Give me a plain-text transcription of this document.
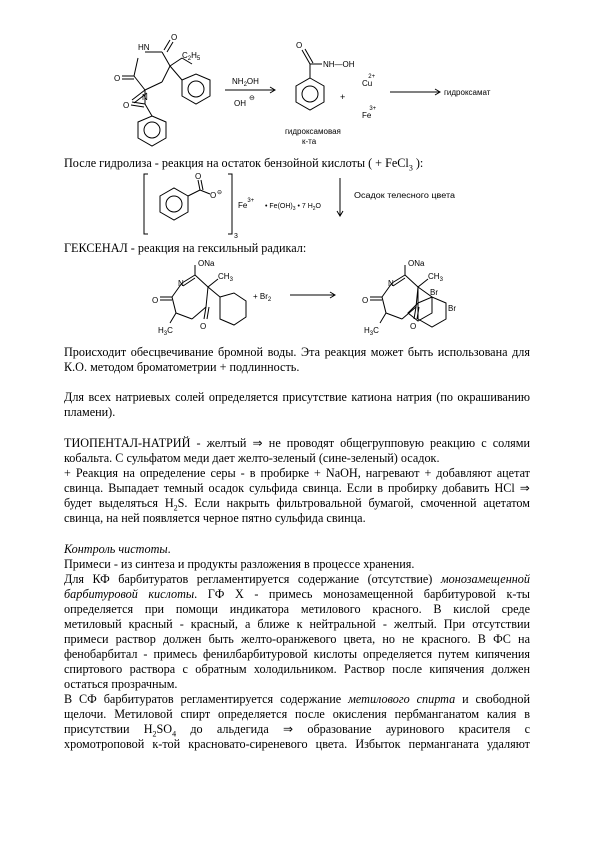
HN
O
O
O
N
$C_2H_5$
$NH_2OH$
OH
⊖
O
NH—OH
гидроксамовая
к-та
+
Cu2+
Fe3+
гидроксамат

После гидролиза - реакция на остаток бензойной кислоты ( + FeCl$_3$ ):

O
O ⊖
3
$Fe^{3+}$
• $Fe(OH)_3$ • 7 $H_2O$
Осадок телесного цвета

ГЕКСЕНАЛ - реакция на гексильный радикал:

ONa
N
$CH_3$
O
O
$H_3C$
+ $Br_2$
ONa
N
$CH_3$
Br
Br
O
O
$H_3C$

Происходит обесцвечивание бромной воды. Эта реакция может быть использована для

К.О. методом броматометрии + подлинность.

Для всех натриевых солей определяется присутствие катиона натрия (по окрашиванию

пламени).

ТИОПЕНТАЛ-НАТРИЙ - желтый ⇒ не проводят общегрупповую реакцию с солями

кобальта. С сульфатом меди дает желто-зеленый (сине-зеленый) осадок.

+ Реакция на определение серы - в пробирке + NaOH, нагревают + добавляют ацетат

свинца. Выпадает темный осадок сульфида свинца. Если в пробирку добавить HCl ⇒

будет выделяться $H_2S$. Если накрыть фильтровальной бумагой, смоченной ацетатом

свинца, на ней появляется черное пятно сульфида свинца.

Контроль чистоты.

Примеси - из синтеза и продукты разложения в процессе хранения.

Для КФ барбитуратов регламентируется содержание (отсутствие) монозамещенной

барбитуровой кислоты. ГФ Х - примесь монозамещенной барбитуровой к-ты

определяется при помощи индикатора метилового красного. В кислой среде

метиловый красный - красный, а ближе к нейтральной - желтый. При отсутствии

примеси раствор должен быть желто-оранжевого цвета, но не красного. В ФС на

фенобарбитал - примесь фенилбарбитуровой кислоты определяется путем кипячения

спиртового раствора с обратным холодильником. Раствор после кипячения должен

остаться прозрачным.

В СФ барбитуратов регламентируется содержание метилового спирта и свободной

щелочи. Метиловой спирт определяется после окисления пербманганатом калия в

присутствии $H_2SO_4$ до альдегида ⇒ образование ауринового красителя с

хромотроповой к-той красновато-сиреневого цвета. Избыток перманганата удаляют
